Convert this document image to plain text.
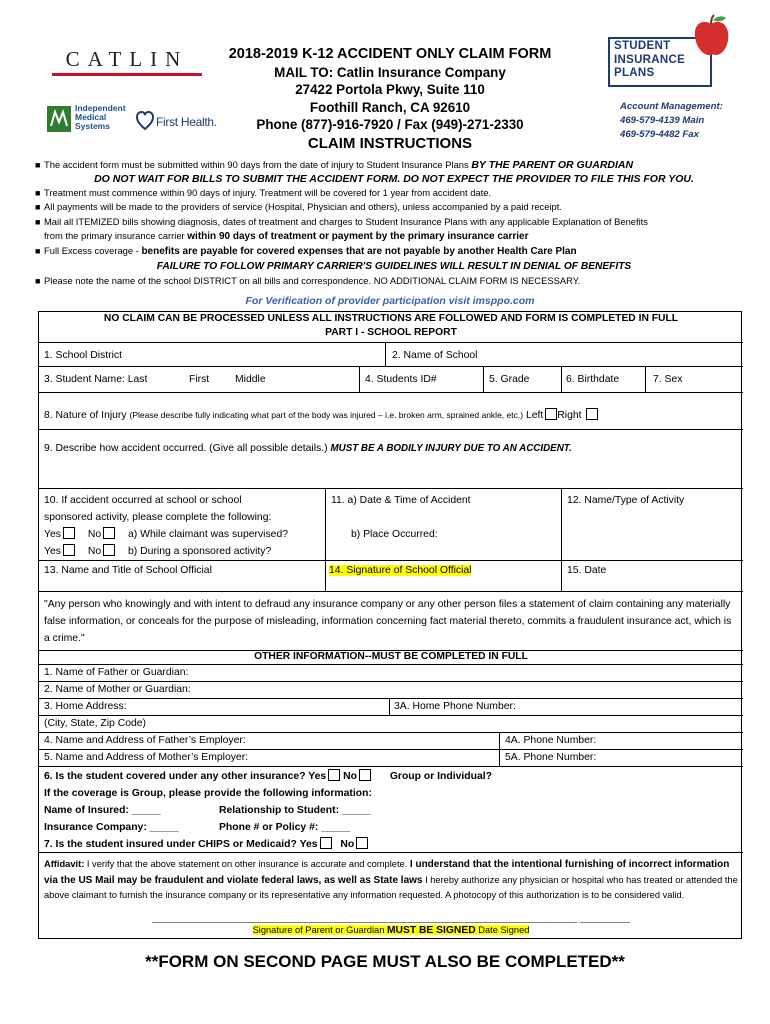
CATLIN
Independent
Medical
Systems	First Health.
2018-2019 K-12 ACCIDENT ONLY CLAIM FORM
MAIL TO: Catlin Insurance Company
27422 Portola Pkwy, Suite 110
Foothill Ranch, CA 92610
Phone (877)-916-7920 / Fax (949)-271-2330
CLAIM INSTRUCTIONS
STUDENT
INSURANCE
PLANS
Account Management:
469-579-4139 Main
469-579-4482 Fax
■ The accident form must be submitted within 90 days from the date of injury to Student Insurance Plans BY THE PARENT OR GUARDIAN
DO NOT WAIT FOR BILLS TO SUBMIT THE ACCIDENT FORM. DO NOT EXPECT THE PROVIDER TO FILE THIS FOR YOU.
■ Treatment must commence within 90 days of injury. Treatment will be covered for 1 year from accident date.
■ All payments will be made to the providers of service (Hospital, Physician and others), unless accompanied by a paid receipt.
■ Mail all ITEMIZED bills showing diagnosis, dates of treatment and charges to Student Insurance Plans with any applicable Explanation of Benefits
from the primary insurance carrier within 90 days of treatment or payment by the primary insurance carrier
■ Full Excess coverage - benefits are payable for covered expenses that are not payable by another Health Care Plan
FAILURE TO FOLLOW PRIMARY CARRIER'S GUIDELINES WILL RESULT IN DENIAL OF BENEFITS
■ Please note the name of the school DISTRICT on all bills and correspondence. NO ADDITIONAL CLAIM FORM IS NECESSARY.
For Verification of provider participation visit imsppo.com
NO CLAIM CAN BE PROCESSED UNLESS ALL INSTRUCTIONS ARE FOLLOWED AND FORM IS COMPLETED IN FULL
PART I - SCHOOL REPORT
1. School District	2. Name of School
3. Student Name: Last	First Middle	4. Students ID#	5. Grade	6. Birthdate	7. Sex
8. Nature of Injury (Please describe fully indicating what part of the body was injured – i.e. broken arm, sprained ankle, etc.) Left Right
9. Describe how accident occurred. (Give all possible details.) MUST BE A BODILY INJURY DUE TO AN ACCIDENT.
10. If accident occurred at school or school
sponsored activity, please complete the following:
Yes	No	a) While claimant was supervised?
Yes	No	b) During a sponsored activity?
11. a) Date & Time of Accident
b) Place Occurred:
12. Name/Type of Activity
13. Name and Title of School Official	14. Signature of School Official	15. Date
"Any person who knowingly and with intent to defraud any insurance company or any other person files a statement of claim containing any materially false information, or conceals for the purpose of misleading, information concerning fact material thereto, commits a fraudulent insurance act, which is a crime."
OTHER INFORMATION--MUST BE COMPLETED IN FULL
1. Name of Father or Guardian:
2. Name of Mother or Guardian:
3. Home Address:	3A. Home Phone Number:
(City, State, Zip Code)
4. Name and Address of Father’s Employer:	4A. Phone Number:
5. Name and Address of Mother’s Employer:	5A. Phone Number:
6. Is the student covered under any other insurance? Yes No	Group or Individual?
If the coverage is Group, please provide the following information:
Name of Insured: _____	Relationship to Student: _____
Insurance Company: _____	Phone # or Policy #: _____
7. Is the student insured under CHIPS or Medicaid? Yes No
Affidavit: I verify that the above statement on other insurance is accurate and complete. I understand that the intentional furnishing of incorrect information via the US Mail may be fraudulent and violate federal laws, as well as State laws I hereby authorize any physician or hospital who has treated or attended the above claimant to furnish the insurance company or its representative any information requested. A photocopy of this authorization is to be considered valid.
_____________________________________________________________________________________ __________
Signature of Parent or Guardian MUST BE SIGNED Date Signed
**FORM ON SECOND PAGE MUST ALSO BE COMPLETED**
